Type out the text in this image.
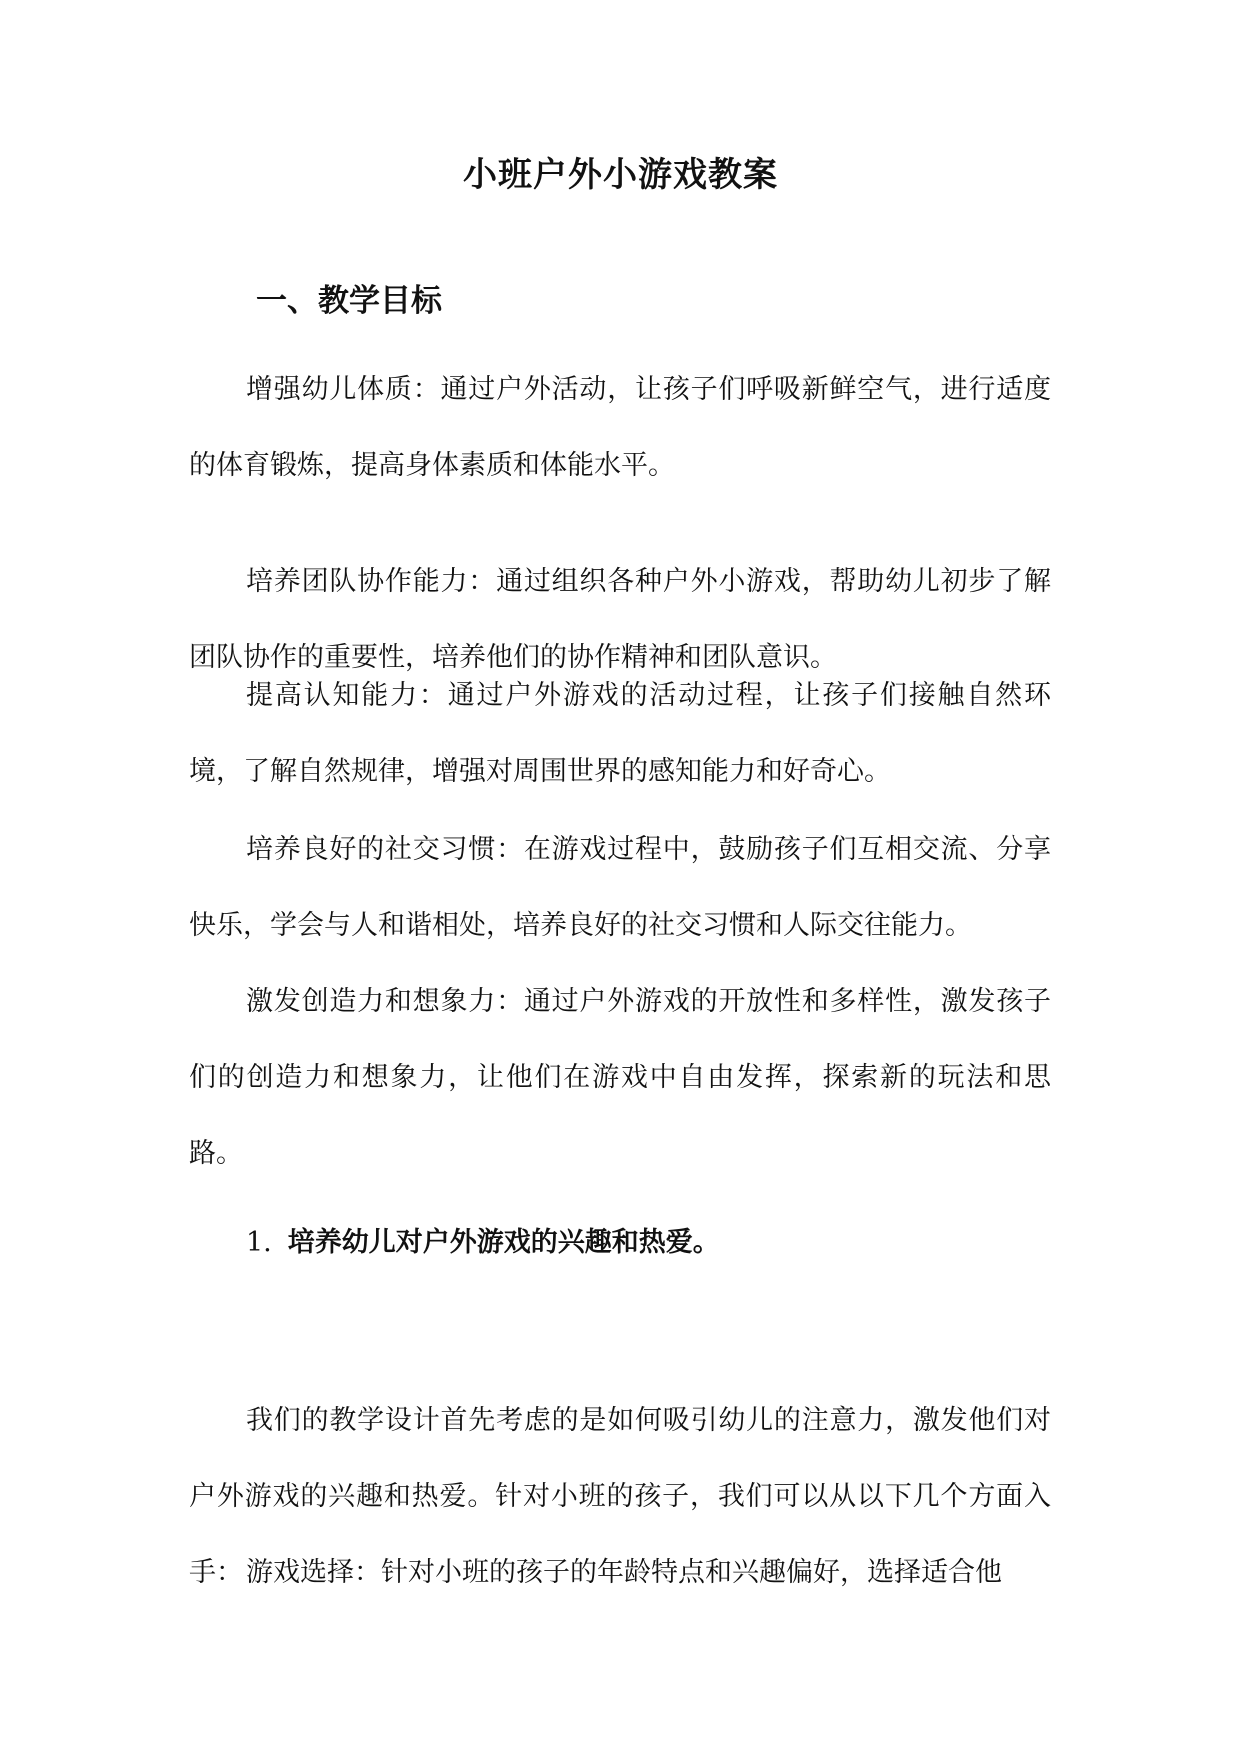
小班户外小游戏教案
一、教学目标

增强幼儿体质：通过户外活动，让孩子们呼吸新鲜空气，进行适度的体育锻炼，提高身体素质和体能水平。

培养团队协作能力：通过组织各种户外小游戏，帮助幼儿初步了解团队协作的重要性，培养他们的协作精神和团队意识。

提高认知能力：通过户外游戏的活动过程，让孩子们接触自然环境，了解自然规律，增强对周围世界的感知能力和好奇心。

培养良好的社交习惯：在游戏过程中，鼓励孩子们互相交流、分享快乐，学会与人和谐相处，培养良好的社交习惯和人际交往能力。

激发创造力和想象力：通过户外游戏的开放性和多样性，激发孩子们的创造力和想象力，让他们在游戏中自由发挥，探索新的玩法和思路。

1. 培养幼儿对户外游戏的兴趣和热爱。

我们的教学设计首先考虑的是如何吸引幼儿的注意力，激发他们对户外游戏的兴趣和热爱。针对小班的孩子，我们可以从以下几个方面入手： 游戏选择：针对小班的孩子的年龄特点和兴趣偏好，选择适合他
